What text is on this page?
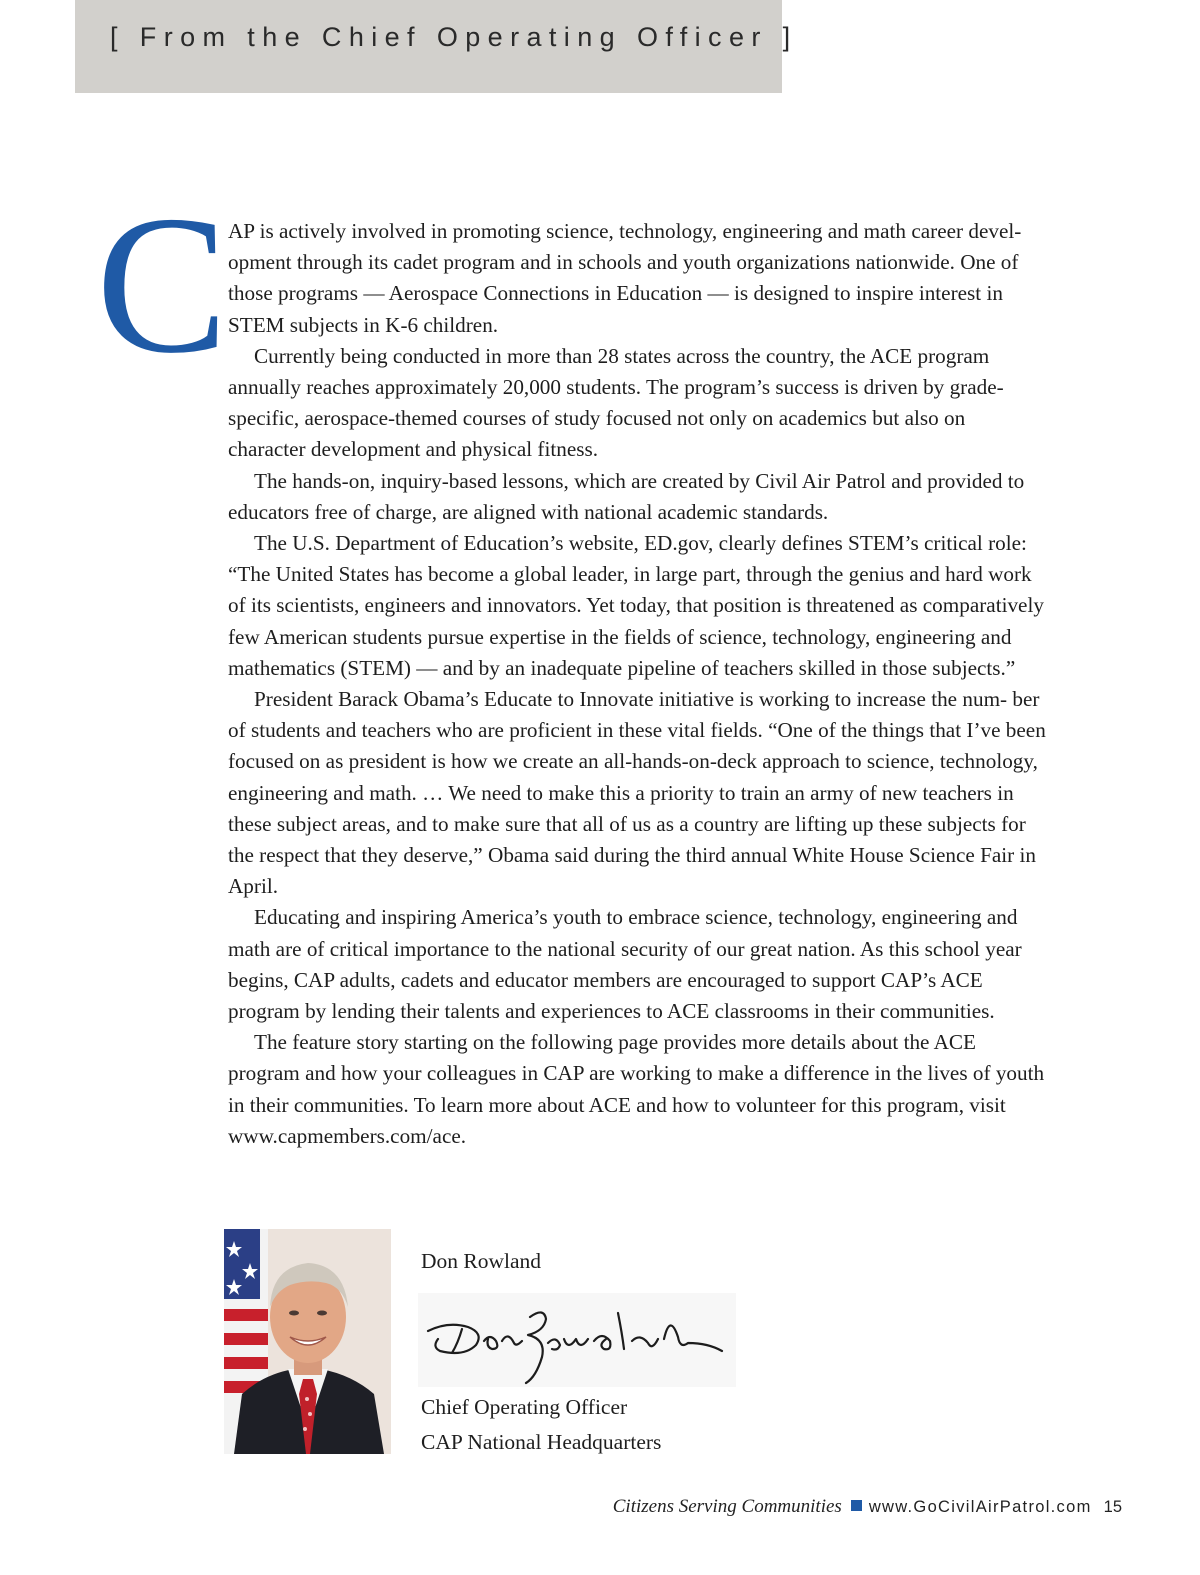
[ From the Chief Operating Officer ]
C AP is actively involved in promoting science, technology, engineering and math career devel- opment through its cadet program and in schools and youth organizations nationwide. One of those programs — Aerospace Connections in Education — is designed to inspire interest in STEM subjects in K-6 children.

Currently being conducted in more than 28 states across the country, the ACE program annually reaches approximately 20,000 students. The program’s success is driven by grade- specific, aerospace-themed courses of study focused not only on academics but also on character development and physical fitness.

The hands-on, inquiry-based lessons, which are created by Civil Air Patrol and provided to educators free of charge, are aligned with national academic standards.

The U.S. Department of Education’s website, ED.gov, clearly defines STEM’s critical role: “The United States has become a global leader, in large part, through the genius and hard work of its scientists, engineers and innovators. Yet today, that position is threatened as comparatively few American students pursue expertise in the fields of science, technology, engineering and mathematics (STEM) — and by an inadequate pipeline of teachers skilled in those subjects.”

President Barack Obama’s Educate to Innovate initiative is working to increase the num- ber of students and teachers who are proficient in these vital fields. “One of the things that I’ve been focused on as president is how we create an all-hands-on-deck approach to science, technology, engineering and math. … We need to make this a priority to train an army of new teachers in these subject areas, and to make sure that all of us as a country are lifting up these subjects for the respect that they deserve,” Obama said during the third annual White House Science Fair in April.

Educating and inspiring America’s youth to embrace science, technology, engineering and math are of critical importance to the national security of our great nation. As this school year begins, CAP adults, cadets and educator members are encouraged to support CAP’s ACE program by lending their talents and experiences to ACE classrooms in their communities.

The feature story starting on the following page provides more details about the ACE program and how your colleagues in CAP are working to make a difference in the lives of youth in their communities. To learn more about ACE and how to volunteer for this program, visit www.capmembers.com/ace.

Don Rowland
Chief Operating Officer
CAP National Headquarters
Citizens Serving Communities www.GoCivilAirPatrol.com 15
